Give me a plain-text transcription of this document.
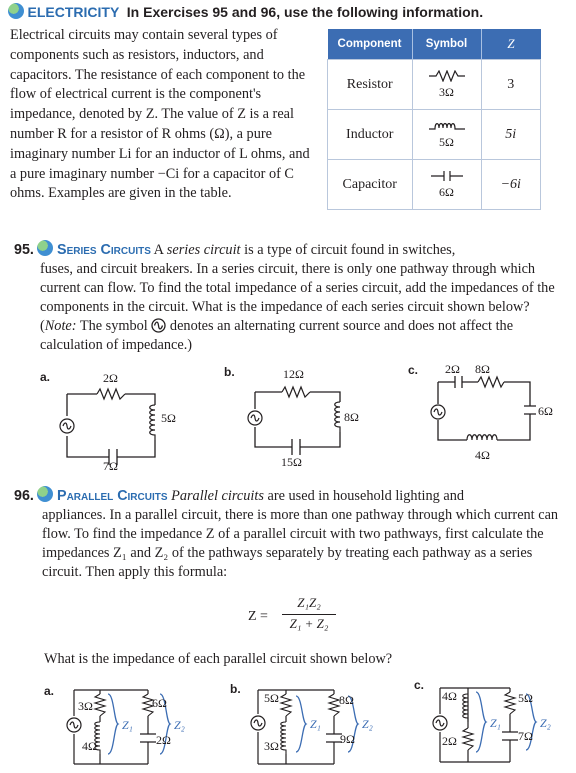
ELECTRICITY In Exercises 95 and 96, use the following information.
Electrical circuits may contain several types of components such as resistors, inductors, and capacitors. The resistance of each component to the flow of electrical current is the component's impedance, denoted by Z. The value of Z is a real number R for a resistor of R ohms (Ω), a pure imaginary number Li for an inductor of L ohms, and a pure imaginary number −Ci for a capacitor of C ohms. Examples are given in the table.
Component	Symbol	Z
Resistor	3Ω	3
Inductor	5Ω	5i
Capacitor	6Ω	−6i
95. Series Circuits A series circuit is a type of circuit found in switches,
fuses, and circuit breakers. In a series circuit, there is only one pathway through which current can flow. To find the total impedance of a series circuit, add the impedances of the components in the circuit. What is the impedance of each series circuit shown below? (Note: The symbol denotes an alternating current source and does not affect the calculation of impedance.)
a.	2Ω
5Ω
7Ω
b.	12Ω
8Ω
15Ω
c. 2Ω 8Ω
6Ω
4Ω
96. Parallel Circuits Parallel circuits are used in household lighting and
appliances. In a parallel circuit, there is more than one pathway through which current can flow. To find the impedance Z of a parallel circuit with two pathways, first calculate the impedances Z₁ and Z₂ of the pathways separately by treating each pathway as a series circuit. Then apply this formula:
Z =
Z₁Z₂
Z₁ + Z₂
What is the impedance of each parallel circuit shown below?
a.
3Ω
4Ω
6Ω
2Ω
Z₁	Z₂
b.
5Ω
3Ω
8Ω
9Ω
Z₁	Z₂
c.
4Ω
2Ω
5Ω
7Ω
Z₁	Z₂
